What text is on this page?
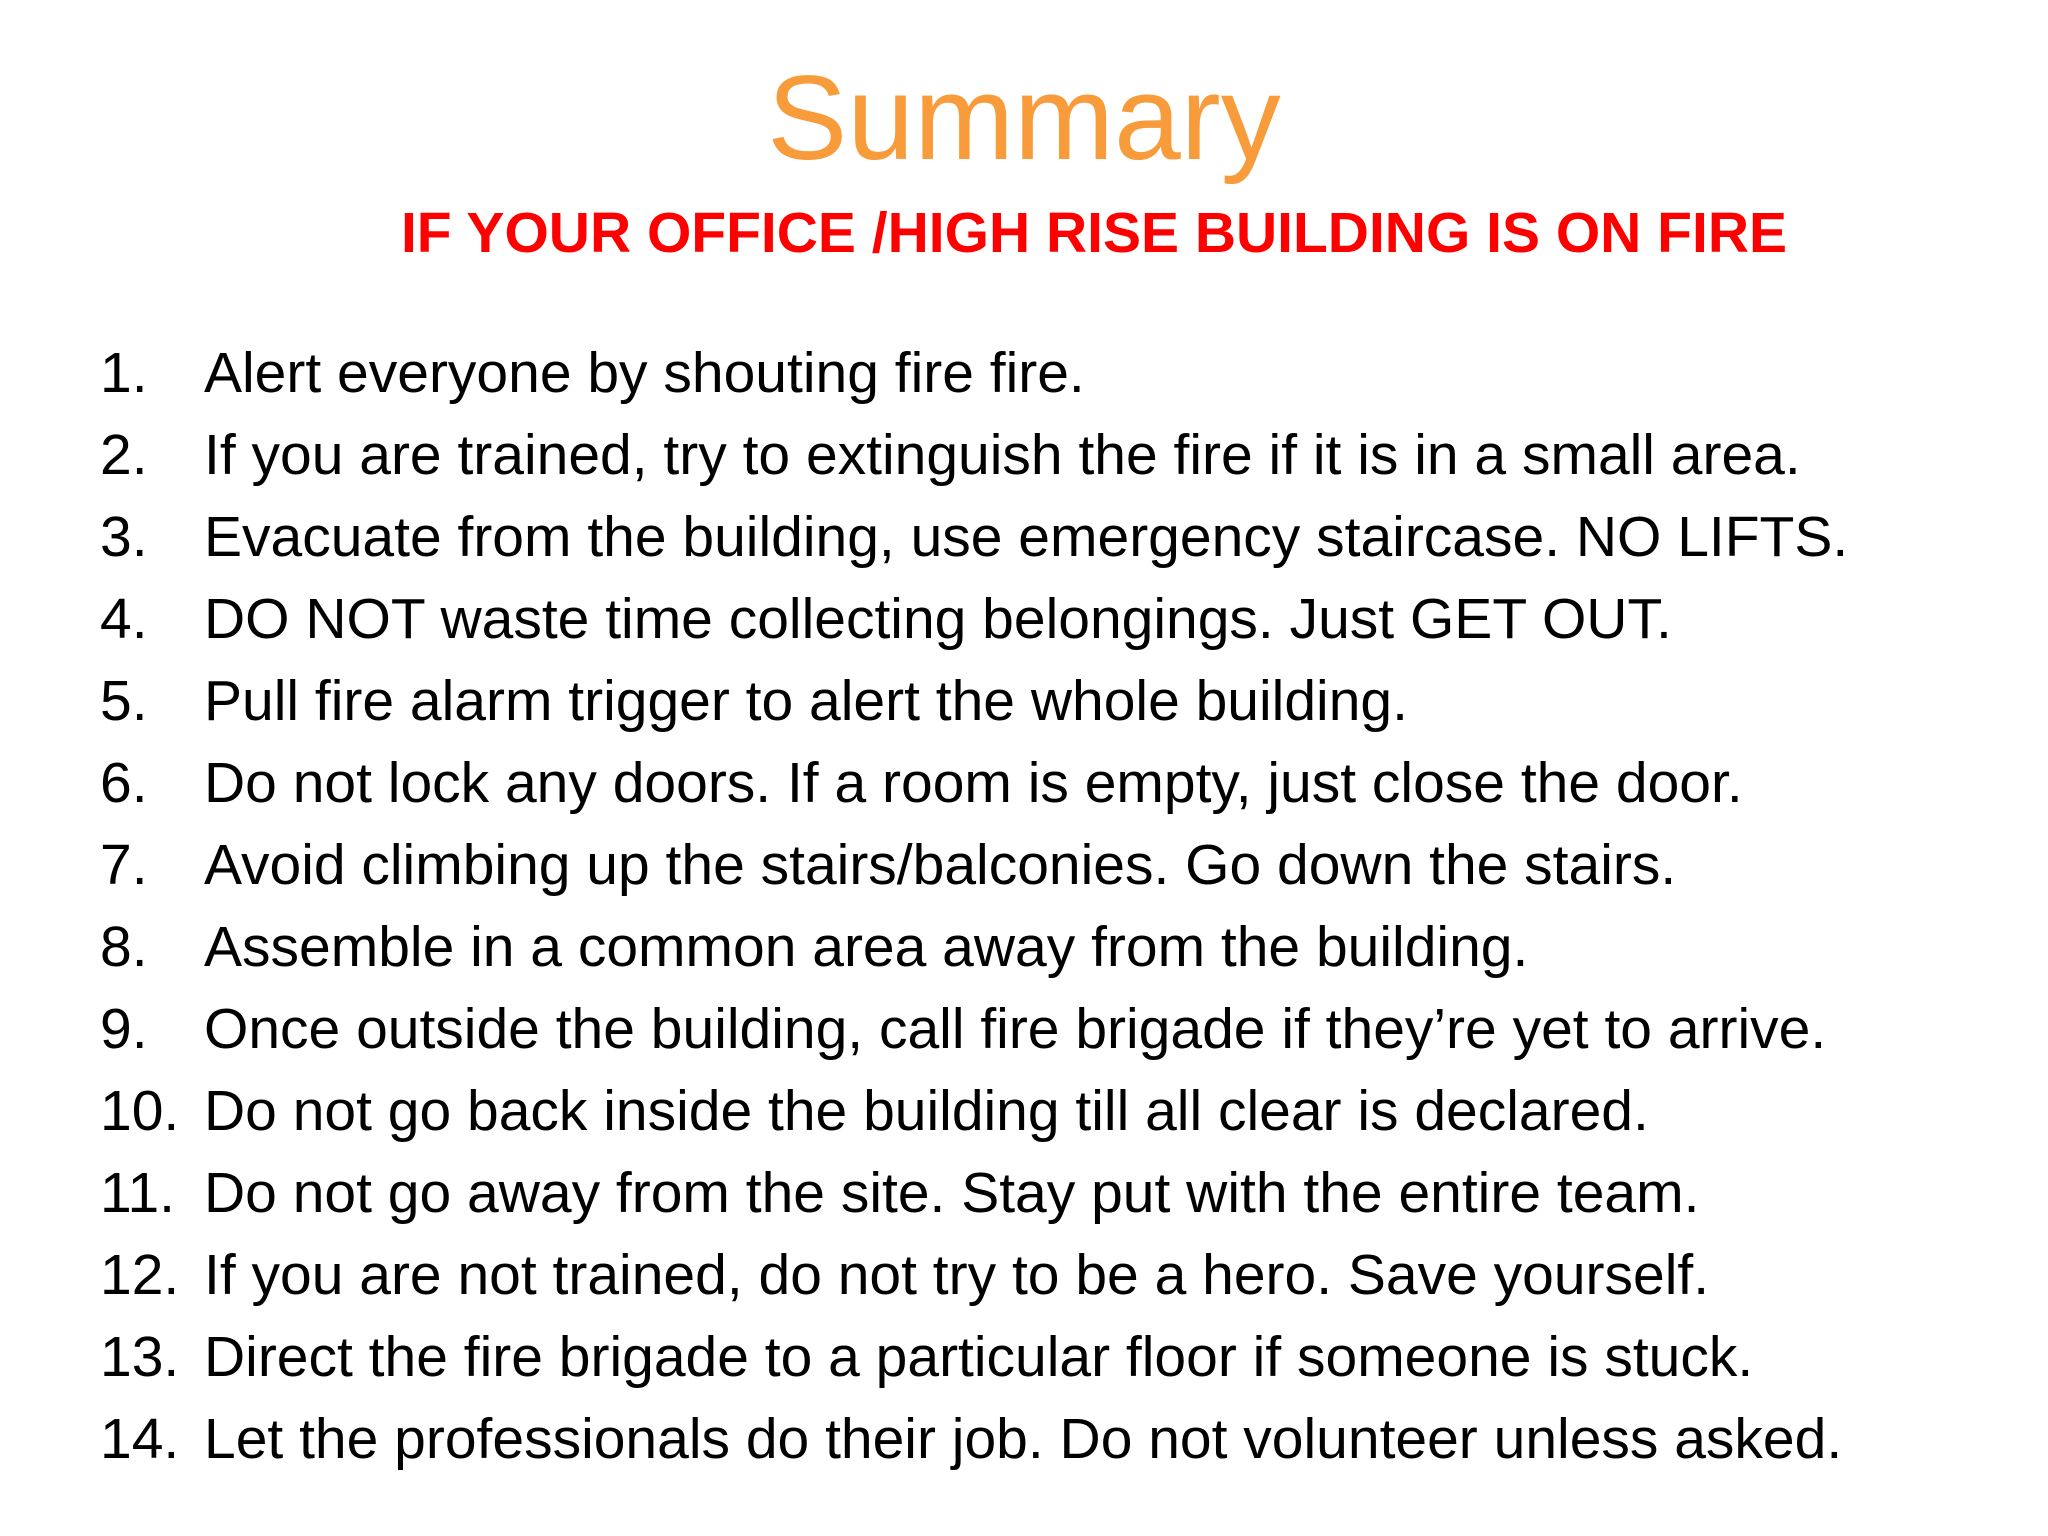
Summary
IF YOUR OFFICE /HIGH RISE BUILDING IS ON FIRE
1. Alert everyone by shouting fire fire.
2. If you are trained, try to extinguish the fire if it is in a small area.
3. Evacuate from the building, use emergency staircase. NO LIFTS.
4. DO NOT waste time collecting belongings. Just GET OUT.
5. Pull fire alarm trigger to alert the whole building.
6. Do not lock any doors. If a room is empty, just close the door.
7. Avoid climbing up the stairs/balconies. Go down the stairs.
8. Assemble in a common area away from the building.
9. Once outside the building, call fire brigade if they’re yet to arrive.
10. Do not go back inside the building till all clear is declared.
11. Do not go away from the site. Stay put with the entire team.
12. If you are not trained, do not try to be a hero. Save yourself.
13. Direct the fire brigade to a particular floor if someone is stuck.
14. Let the professionals do their job. Do not volunteer unless asked.
